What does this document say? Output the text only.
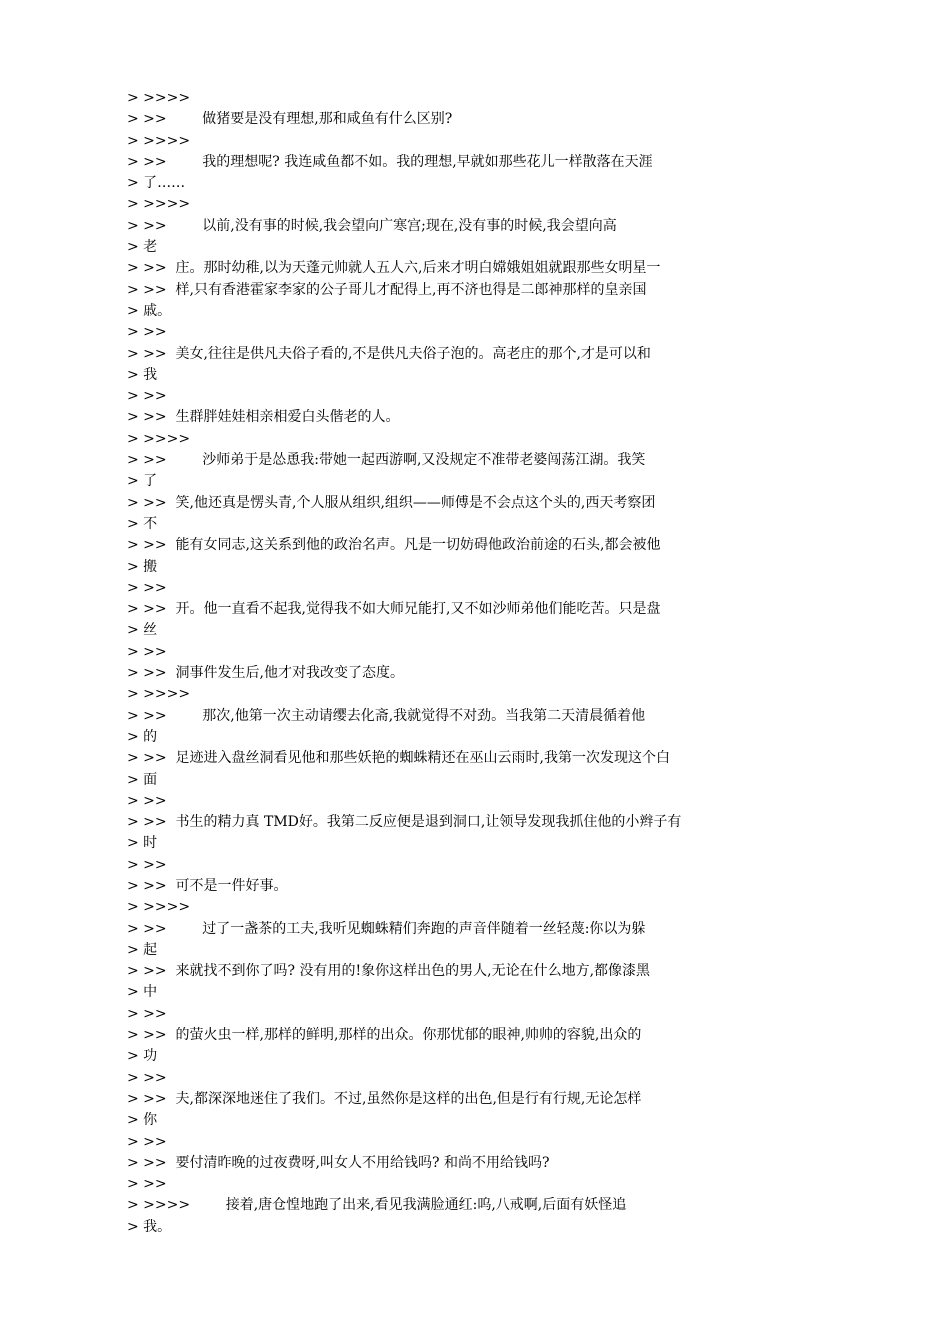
> >>>>
> >>        做猪要是没有理想,那和咸鱼有什么区别?
> >>>>
> >>        我的理想呢? 我连咸鱼都不如。我的理想,早就如那些花儿一样散落在天涯
> 了……
> >>>>
> >>        以前,没有事的时候,我会望向广寒宫;现在,没有事的时候,我会望向高
> 老
> >>  庄。那时幼稚,以为天蓬元帅就人五人六,后来才明白嫦娥姐姐就跟那些女明星一
> >>  样,只有香港霍家李家的公子哥儿才配得上,再不济也得是二郎神那样的皇亲国
> 戚。
> >>
> >>  美女,往往是供凡夫俗子看的,不是供凡夫俗子泡的。高老庄的那个,才是可以和
> 我
> >>
> >>  生群胖娃娃相亲相爱白头偕老的人。
> >>>>
> >>        沙师弟于是怂恿我:带她一起西游啊,又没规定不准带老婆闯荡江湖。我笑
> 了
> >>  笑,他还真是愣头青,个人服从组织,组织——师傅是不会点这个头的,西天考察团
> 不
> >>  能有女同志,这关系到他的政治名声。凡是一切妨碍他政治前途的石头,都会被他
> 搬
> >>
> >>  开。他一直看不起我,觉得我不如大师兄能打,又不如沙师弟他们能吃苦。只是盘
> 丝
> >>
> >>  洞事件发生后,他才对我改变了态度。
> >>>>
> >>        那次,他第一次主动请缨去化斋,我就觉得不对劲。当我第二天清晨循着他
> 的
> >>  足迹进入盘丝洞看见他和那些妖艳的蜘蛛精还在巫山云雨时,我第一次发现这个白
> 面
> >>
> >>  书生的精力真 TMD好。我第二反应便是退到洞口,让领导发现我抓住他的小辫子有
> 时
> >>
> >>  可不是一件好事。
> >>>>
> >>        过了一盏茶的工夫,我听见蜘蛛精们奔跑的声音伴随着一丝轻蔑:你以为躲
> 起
> >>  来就找不到你了吗? 没有用的!象你这样出色的男人,无论在什么地方,都像漆黑
> 中
> >>
> >>  的萤火虫一样,那样的鲜明,那样的出众。你那忧郁的眼神,帅帅的容貌,出众的
> 功
> >>
> >>  夫,都深深地迷住了我们。不过,虽然你是这样的出色,但是行有行规,无论怎样
> 你
> >>
> >>  要付清昨晚的过夜费呀,叫女人不用给钱吗? 和尚不用给钱吗?
> >>
> >>>>        接着,唐仓惶地跑了出来,看见我满脸通红:呜,八戒啊,后面有妖怪追
> 我。
